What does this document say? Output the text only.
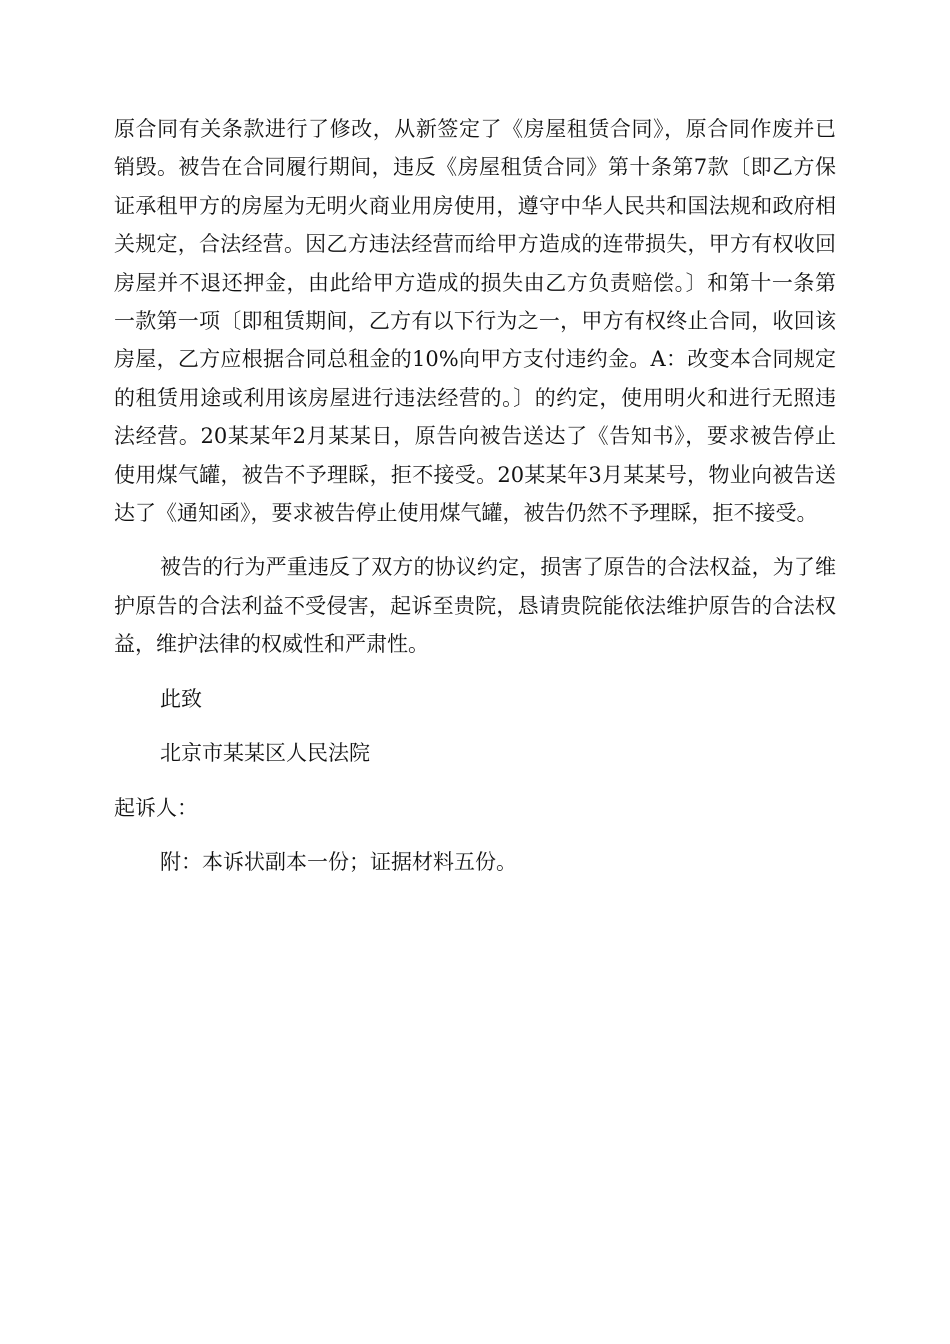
原合同有关条款进行了修改，从新签定了《房屋租赁合同》，原合同作废并已销毁。被告在合同履行期间，违反《房屋租赁合同》第十条第7款〔即乙方保证承租甲方的房屋为无明火商业用房使用，遵守中华人民共和国法规和政府相关规定，合法经营。因乙方违法经营而给甲方造成的连带损失，甲方有权收回房屋并不退还押金，由此给甲方造成的损失由乙方负责赔偿。〕和第十一条第一款第一项〔即租赁期间，乙方有以下行为之一，甲方有权终止合同，收回该房屋，乙方应根据合同总租金的10%向甲方支付违约金。A：改变本合同规定的租赁用途或利用该房屋进行违法经营的。〕的约定，使用明火和进行无照违法经营。20某某年2月某某日，原告向被告送达了《告知书》，要求被告停止使用煤气罐，被告不予理睬，拒不接受。20某某年3月某某号，物业向被告送达了《通知函》，要求被告停止使用煤气罐，被告仍然不予理睬，拒不接受。

被告的行为严重违反了双方的协议约定，损害了原告的合法权益，为了维护原告的合法利益不受侵害，起诉至贵院，恳请贵院能依法维护原告的合法权益，维护法律的权威性和严肃性。

此致

北京市某某区人民法院

起诉人：

附：本诉状副本一份；证据材料五份。
